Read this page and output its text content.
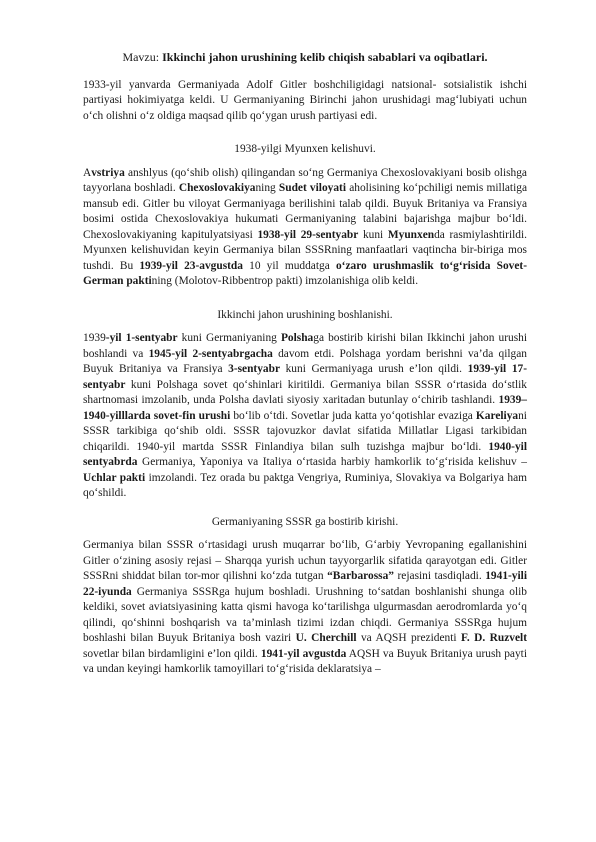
Mavzu: Ikkinchi jahon urushining kelib chiqish sabablari va oqibatlari.

1933-yil yanvarda Germaniyada Adolf Gitler boshchiligidagi natsional- sotsialistik ishchi partiyasi hokimiyatga keldi. U Germaniyaning Birinchi jahon urushidagi mag‘lubiyati uchun o‘ch olishni o‘z oldiga maqsad qilib qo‘ygan urush partiyasi edi.

1938-yilgi Myunxen kelishuvi.

Avstriya anshlyus (qo‘shib olish) qilingandan so‘ng Germaniya Chexoslovakiyani bosib olishga tayyorlana boshladi. Chexoslovakiyaning Sudet viloyati aholisining ko‘pchiligi nemis millatiga mansub edi. Gitler bu viloyat Germaniyaga berilishini talab qildi. Buyuk Britaniya va Fransiya bosimi ostida Chexoslovakiya hukumati Germaniyaning talabini bajarishga majbur bo‘ldi. Chexoslovakiyaning kapitulyatsiyasi 1938-yil 29-sentyabr kuni Myunxenda rasmiylashtirildi. Myunxen kelishuvidan keyin Germaniya bilan SSSRning manfaatlari vaqtincha bir-biriga mos tushdi. Bu 1939-yil 23-avgustda 10 yil muddatga o‘zaro urushmaslik to‘g‘risida Sovet-German paktining (Molotov-Ribbentrop pakti) imzolanishiga olib keldi.

Ikkinchi jahon urushining boshlanishi.

1939-yil 1-sentyabr kuni Germaniyaning Polshaga bostirib kirishi bilan Ikkinchi jahon urushi boshlandi va 1945-yil 2-sentyabrgacha davom etdi. Polshaga yordam berishni va’da qilgan Buyuk Britaniya va Fransiya 3-sentyabr kuni Germaniyaga urush e’lon qildi. 1939-yil 17-sentyabr kuni Polshaga sovet qo‘shinlari kiritildi. Germaniya bilan SSSR o‘rtasida do‘stlik shartnomasi imzolanib, unda Polsha davlati siyosiy xaritadan butunlay o‘chirib tashlandi. 1939–1940-yilllarda sovet-fin urushi bo‘lib o‘tdi. Sovetlar juda katta yo‘qotishlar evaziga Kareliyani SSSR tarkibiga qo‘shib oldi. SSSR tajovuzkor davlat sifatida Millatlar Ligasi tarkibidan chiqarildi. 1940-yil martda SSSR Finlandiya bilan sulh tuzishga majbur bo‘ldi. 1940-yil sentyabrda Germaniya, Yaponiya va Italiya o‘rtasida harbiy hamkorlik to‘g‘risida kelishuv – Uchlar pakti imzolandi. Tez orada bu paktga Vengriya, Ruminiya, Slovakiya va Bolgariya ham qo‘shildi.

Germaniyaning SSSR ga bostirib kirishi.

Germaniya bilan SSSR o‘rtasidagi urush muqarrar bo‘lib, G‘arbiy Yevropaning egallanishini Gitler o‘zining asosiy rejasi – Sharqqa yurish uchun tayyorgarlik sifatida qarayotgan edi. Gitler SSSRni shiddat bilan tor-mor qilishni ko‘zda tutgan “Barbarossa” rejasini tasdiqladi. 1941-yili 22-iyunda Germaniya SSSRga hujum boshladi. Urushning to‘satdan boshlanishi shunga olib keldiki, sovet aviatsiyasining katta qismi havoga ko‘tarilishga ulgurmasdan aerodromlarda yo‘q qilindi, qo‘shinni boshqarish va ta’minlash tizimi izdan chiqdi. Germaniya SSSRga hujum boshlashi bilan Buyuk Britaniya bosh vaziri U. Cherchill va AQSH prezidenti F. D. Ruzvelt sovetlar bilan birdamligini e’lon qildi. 1941-yil avgustda AQSH va Buyuk Britaniya urush payti va undan keyingi hamkorlik tamoyillari to‘g‘risida deklaratsiya –
